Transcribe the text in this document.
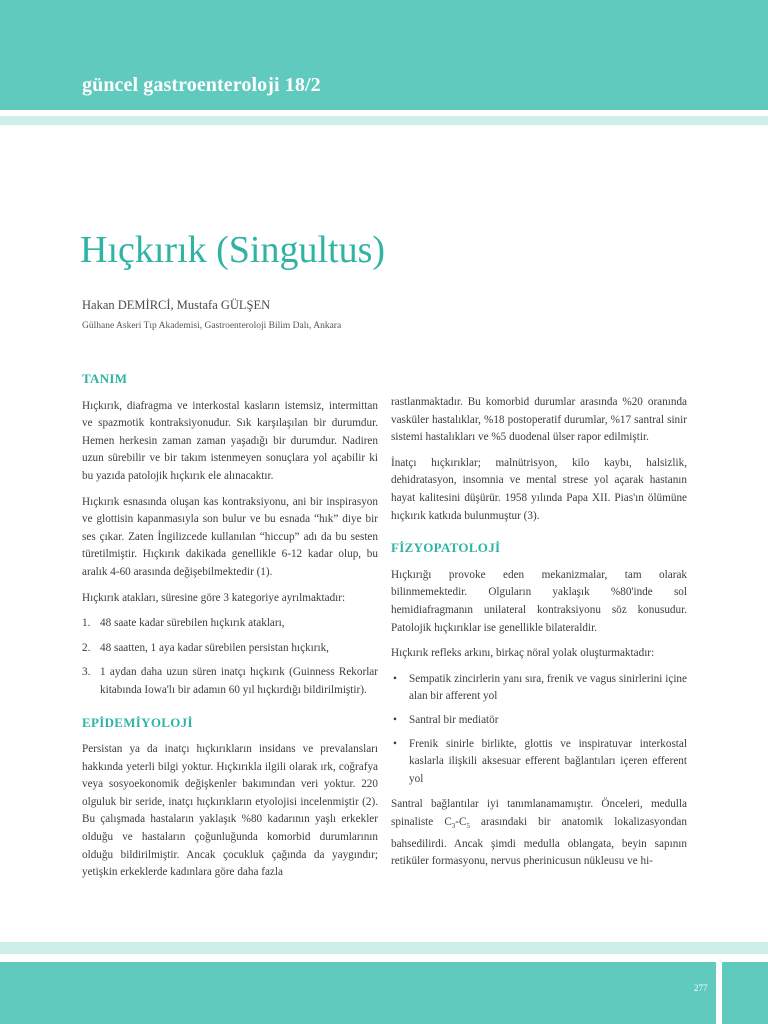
güncel gastroenteroloji 18/2
Hıçkırık (Singultus)
Hakan DEMİRCİ, Mustafa GÜLŞEN
Gülhane Askeri Tıp Akademisi, Gastroenteroloji Bilim Dalı, Ankara
TANIM

Hıçkırık, diafragma ve interkostal kasların istemsiz, intermittan ve spazmotik kontraksiyonudur. Sık karşılaşılan bir durumdur. Hemen herkesin zaman zaman yaşadığı bir durumdur. Nadiren uzun sürebilir ve bir takım istenmeyen sonuçlara yol açabilir ki bu yazıda patolojik hıçkırık ele alınacaktır.

Hıçkırık esnasında oluşan kas kontraksiyonu, ani bir inspirasyon ve glottisin kapanmasıyla son bulur ve bu esnada “hık” diye bir ses çıkar. Zaten İngilizcede kullanılan “hiccup” adı da bu sesten türetilmiştir. Hıçkırık dakikada genellikle 6-12 kadar olup, bu aralık 4-60 arasında değişebilmektedir (1).

Hıçkırık atakları, süresine göre 3 kategoriye ayrılmaktadır:

1. 48 saate kadar sürebilen hıçkırık atakları,
2. 48 saatten, 1 aya kadar sürebilen persistan hıçkırık,
3. 1 aydan daha uzun süren inatçı hıçkırık (Guinness Rekorlar kitabında Iowa'lı bir adamın 60 yıl hıçkırdığı bildirilmiştir).
EPİDEMİYOLOJİ

Persistan ya da inatçı hıçkırıkların insidans ve prevalansları hakkında yeterli bilgi yoktur. Hıçkırıkla ilgili olarak ırk, coğrafya veya sosyoekonomik değişkenler bakımından veri yoktur. 220 olguluk bir seride, inatçı hıçkırıkların etyolojisi incelenmiştir (2). Bu çalışmada hastaların yaklaşık %80 kadarının yaşlı erkekler olduğu ve hastaların çoğunluğunda komorbid durumlarının olduğu bildirilmiştir. Ancak çocukluk çağında da yaygındır; yetişkin erkeklerde kadınlara göre daha fazla

rastlanmaktadır. Bu komorbid durumlar arasında %20 oranında vasküler hastalıklar, %18 postoperatif durumlar, %17 santral sinir sistemi hastalıkları ve %5 duodenal ülser rapor edilmiştir.

İnatçı hıçkırıklar; malnütrisyon, kilo kaybı, halsizlik, dehidratasyon, insomnia ve mental strese yol açarak hastanın hayat kalitesini düşürür. 1958 yılında Papa XII. Pias'ın ölümüne hıçkırık katkıda bulunmuştur (3).

FİZYOPATOLOJİ

Hıçkırığı provoke eden mekanizmalar, tam olarak bilinmemektedir. Olguların yaklaşık %80'inde sol hemidiafragmanın unilateral kontraksiyonu söz konusudur. Patolojik hıçkırıklar ise genellikle bilateraldir.

Hıçkırık refleks arkını, birkaç nöral yolak oluşturmaktadır:

• Sempatik zincirlerin yanı sıra, frenik ve vagus sinirlerini içine alan bir afferent yol
• Santral bir mediatör
• Frenik sinirle birlikte, glottis ve inspiratuvar interkostal kaslarla ilişkili aksesuar efferent bağlantıları içeren efferent yol

Santral bağlantılar iyi tanımlanamamıştır. Önceleri, medulla spinaliste $C_3-C_5$ arasındaki bir anatomik lokalizasyondan bahsedilirdi. Ancak şimdi medulla oblangata, beyin sapının retiküler formasyonu, nervus pherinicusun nükleusu ve hi-

277
